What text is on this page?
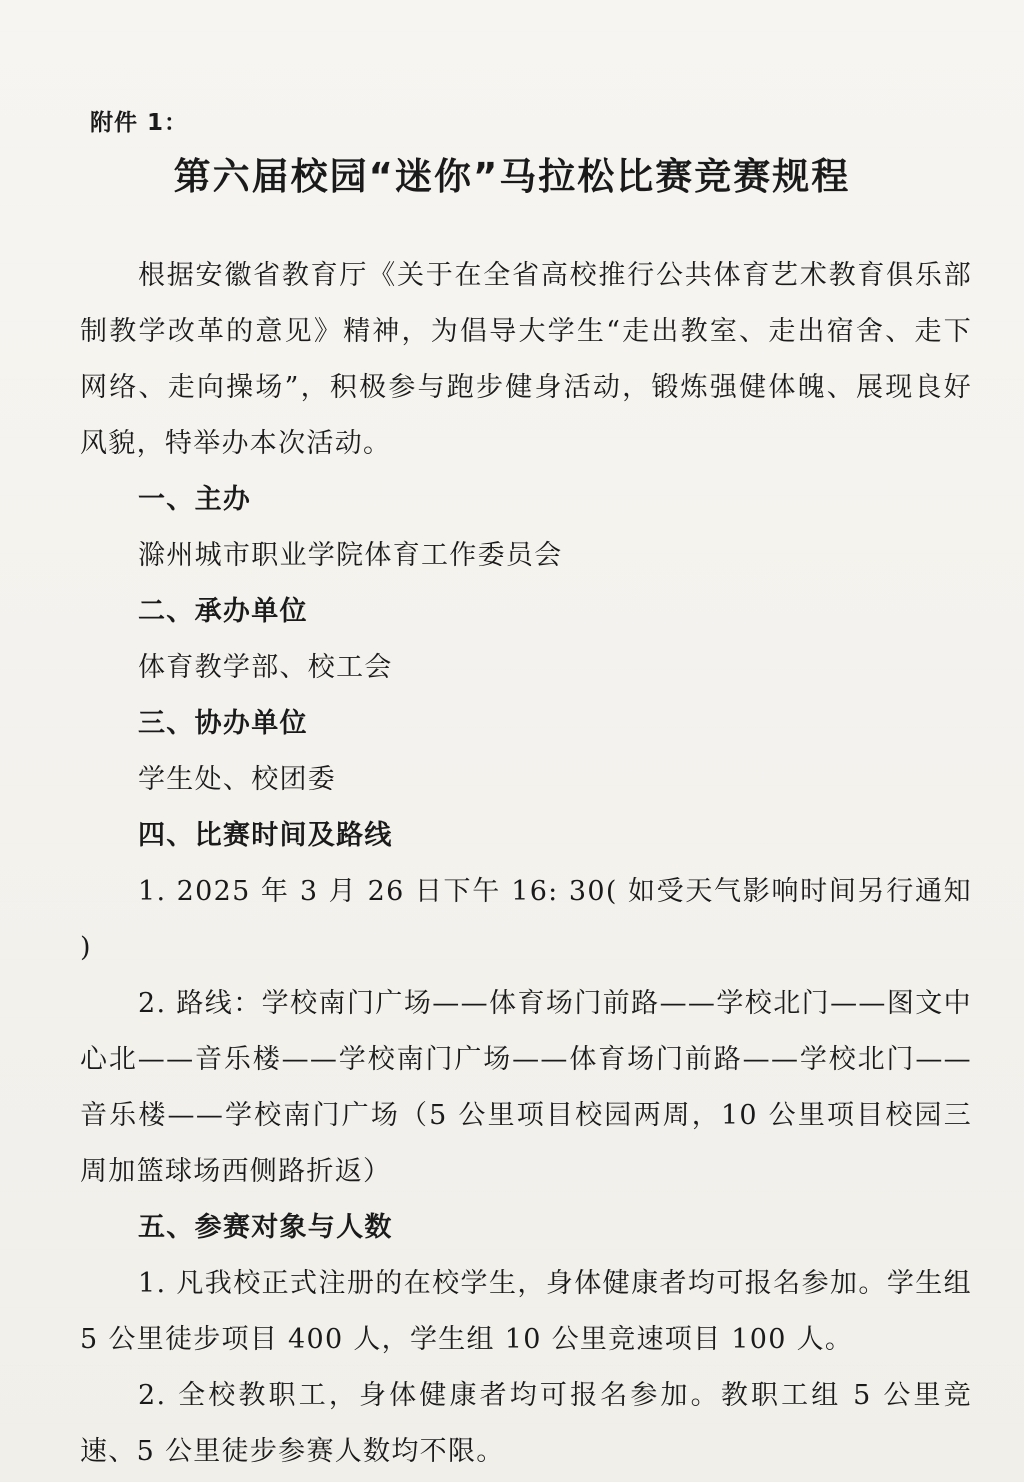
附件 1：
第六届校园“迷你”马拉松比赛竞赛规程

根据安徽省教育厅《关于在全省高校推行公共体育艺术教育俱乐部制教学改革的意见》精神，为倡导大学生“走出教室、走出宿舍、走下网络、走向操场”，积极参与跑步健身活动，锻炼强健体魄、展现良好风貌，特举办本次活动。

一、主办

滁州城市职业学院体育工作委员会

二、承办单位

体育教学部、校工会

三、协办单位

学生处、校团委

四、比赛时间及路线

1. 2025 年 3 月 26 日下午 16: 30( 如受天气影响时间另行通知 )

2. 路线：学校南门广场——体育场门前路——学校北门——图文中心北——音乐楼——学校南门广场——体育场门前路——学校北门——音乐楼——学校南门广场（5 公里项目校园两周，10 公里项目校园三周加篮球场西侧路折返）

五、参赛对象与人数

1. 凡我校正式注册的在校学生，身体健康者均可报名参加。学生组 5 公里徒步项目 400 人，学生组 10 公里竞速项目 100 人。

2. 全校教职工，身体健康者均可报名参加。教职工组 5 公里竞速、5 公里徒步参赛人数均不限。
